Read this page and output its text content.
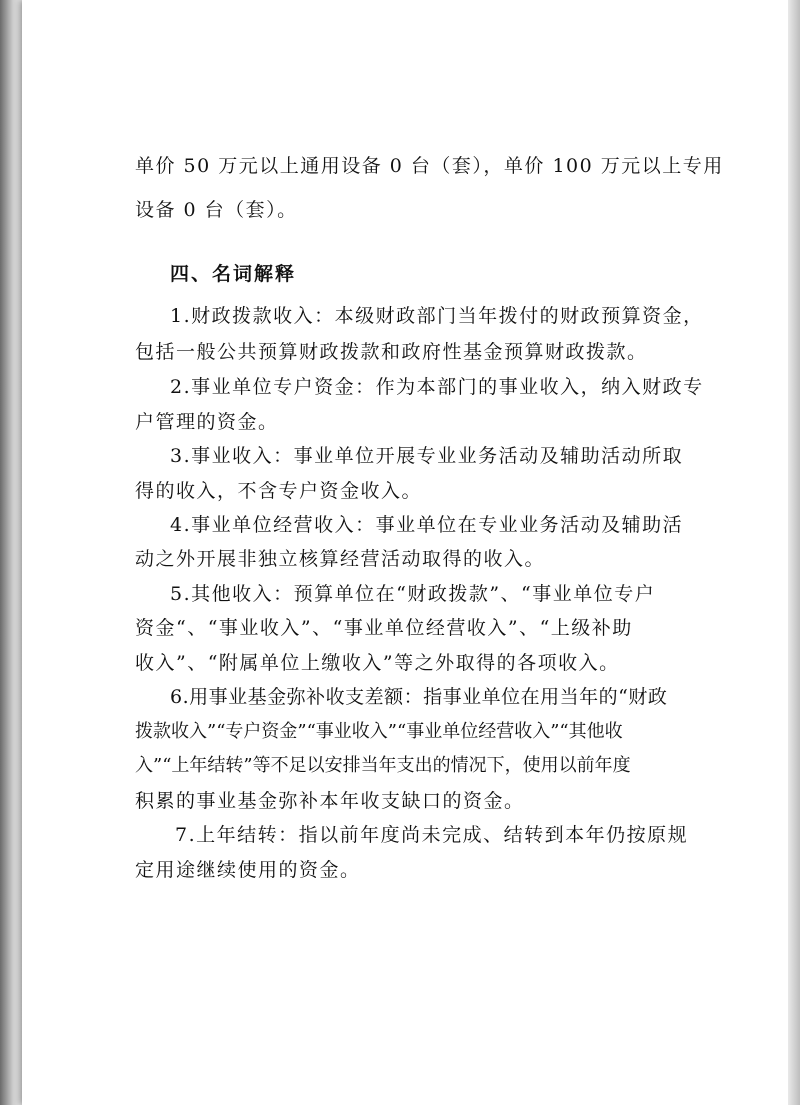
单价 50 万元以上通用设备 0 台（套），单价 100 万元以上专用
设备 0 台（套）。
四、名词解释
1.财政拨款收入：本级财政部门当年拨付的财政预算资金，
包括一般公共预算财政拨款和政府性基金预算财政拨款。
2.事业单位专户资金：作为本部门的事业收入，纳入财政专
户管理的资金。
3.事业收入：事业单位开展专业业务活动及辅助活动所取
得的收入，不含专户资金收入。
4.事业单位经营收入：事业单位在专业业务活动及辅助活
动之外开展非独立核算经营活动取得的收入。
5.其他收入：预算单位在“财政拨款”、“事业单位专户
资金“、“事业收入”、“事业单位经营收入”、“上级补助
收入”、“附属单位上缴收入”等之外取得的各项收入。
6.用事业基金弥补收支差额：指事业单位在用当年的“财政
拨款收入”“专户资金”“事业收入”“事业单位经营收入”“其他收
入”“上年结转”等不足以安排当年支出的情况下，使用以前年度
积累的事业基金弥补本年收支缺口的资金。
7.上年结转：指以前年度尚未完成、结转到本年仍按原规
定用途继续使用的资金。
